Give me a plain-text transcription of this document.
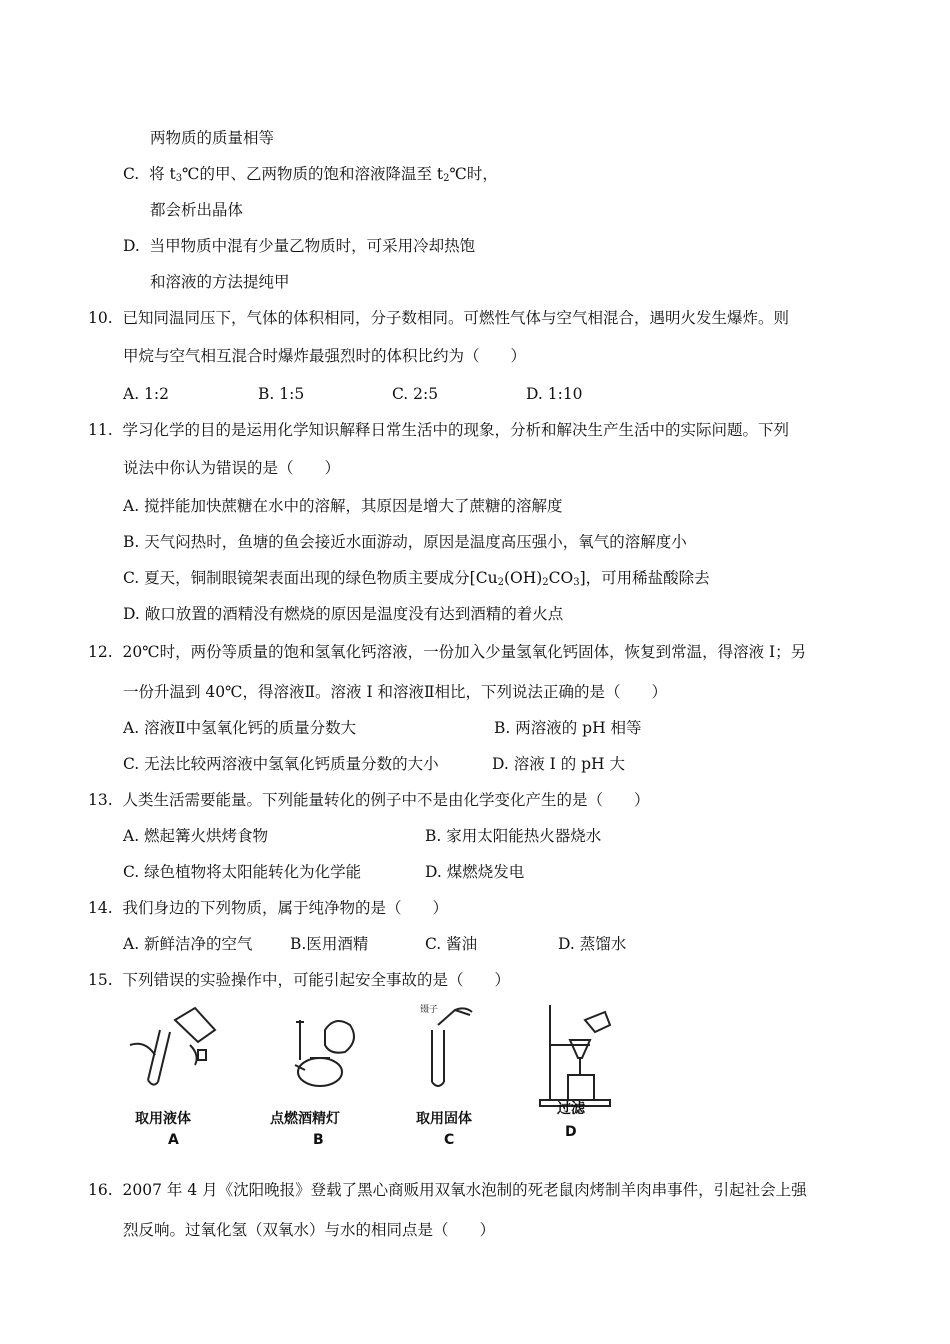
两物质的质量相等
C. 将 $t_3℃$的甲、乙两物质的饱和溶液降温至 $t_2℃$时，
都会析出晶体
D. 当甲物质中混有少量乙物质时，可采用冷却热饱
和溶液的方法提纯甲
10. 已知同温同压下，气体的体积相同，分子数相同。可燃性气体与空气相混合，遇明火发生爆炸。则
甲烷与空气相互混合时爆炸最强烈时的体积比约为（　　）
A. 1:2	B. 1:5	C. 2:5	D. 1:10
11. 学习化学的目的是运用化学知识解释日常生活中的现象，分析和解决生产生活中的实际问题。下列
说法中你认为错误的是（　　）
A. 搅拌能加快蔗糖在水中的溶解，其原因是增大了蔗糖的溶解度
B. 天气闷热时，鱼塘的鱼会接近水面游动，原因是温度高压强小，氧气的溶解度小
C. 夏天，铜制眼镜架表面出现的绿色物质主要成分$[Cu_2(OH)_2CO_3]$，可用稀盐酸除去
D. 敞口放置的酒精没有燃烧的原因是温度没有达到酒精的着火点
12. 20℃时，两份等质量的饱和氢氧化钙溶液，一份加入少量氢氧化钙固体，恢复到常温，得溶液 I；另
一份升温到 40℃，得溶液Ⅱ。溶液 I 和溶液Ⅱ相比，下列说法正确的是（　　）
A. 溶液Ⅱ中氢氧化钙的质量分数大	B. 两溶液的 pH 相等
C. 无法比较两溶液中氢氧化钙质量分数的大小	D. 溶液 I 的 pH 大
13. 人类生活需要能量。下列能量转化的例子中不是由化学变化产生的是（　　）
A. 燃起篝火烘烤食物	B. 家用太阳能热火器烧水
C. 绿色植物将太阳能转化为化学能	D. 煤燃烧发电
14. 我们身边的下列物质，属于纯净物的是（　　）
A. 新鲜洁净的空气 B.医用酒精	C. 酱油	D. 蒸馏水
15. 下列错误的实验操作中，可能引起安全事故的是（　　）
镊子
取用液体	点燃酒精灯	取用固体
过滤
A	B	C	D
16. 2007 年 4 月《沈阳晚报》登载了黑心商贩用双氧水泡制的死老鼠肉烤制羊肉串事件，引起社会上强
烈反响。过氧化氢（双氧水）与水的相同点是（　　）
